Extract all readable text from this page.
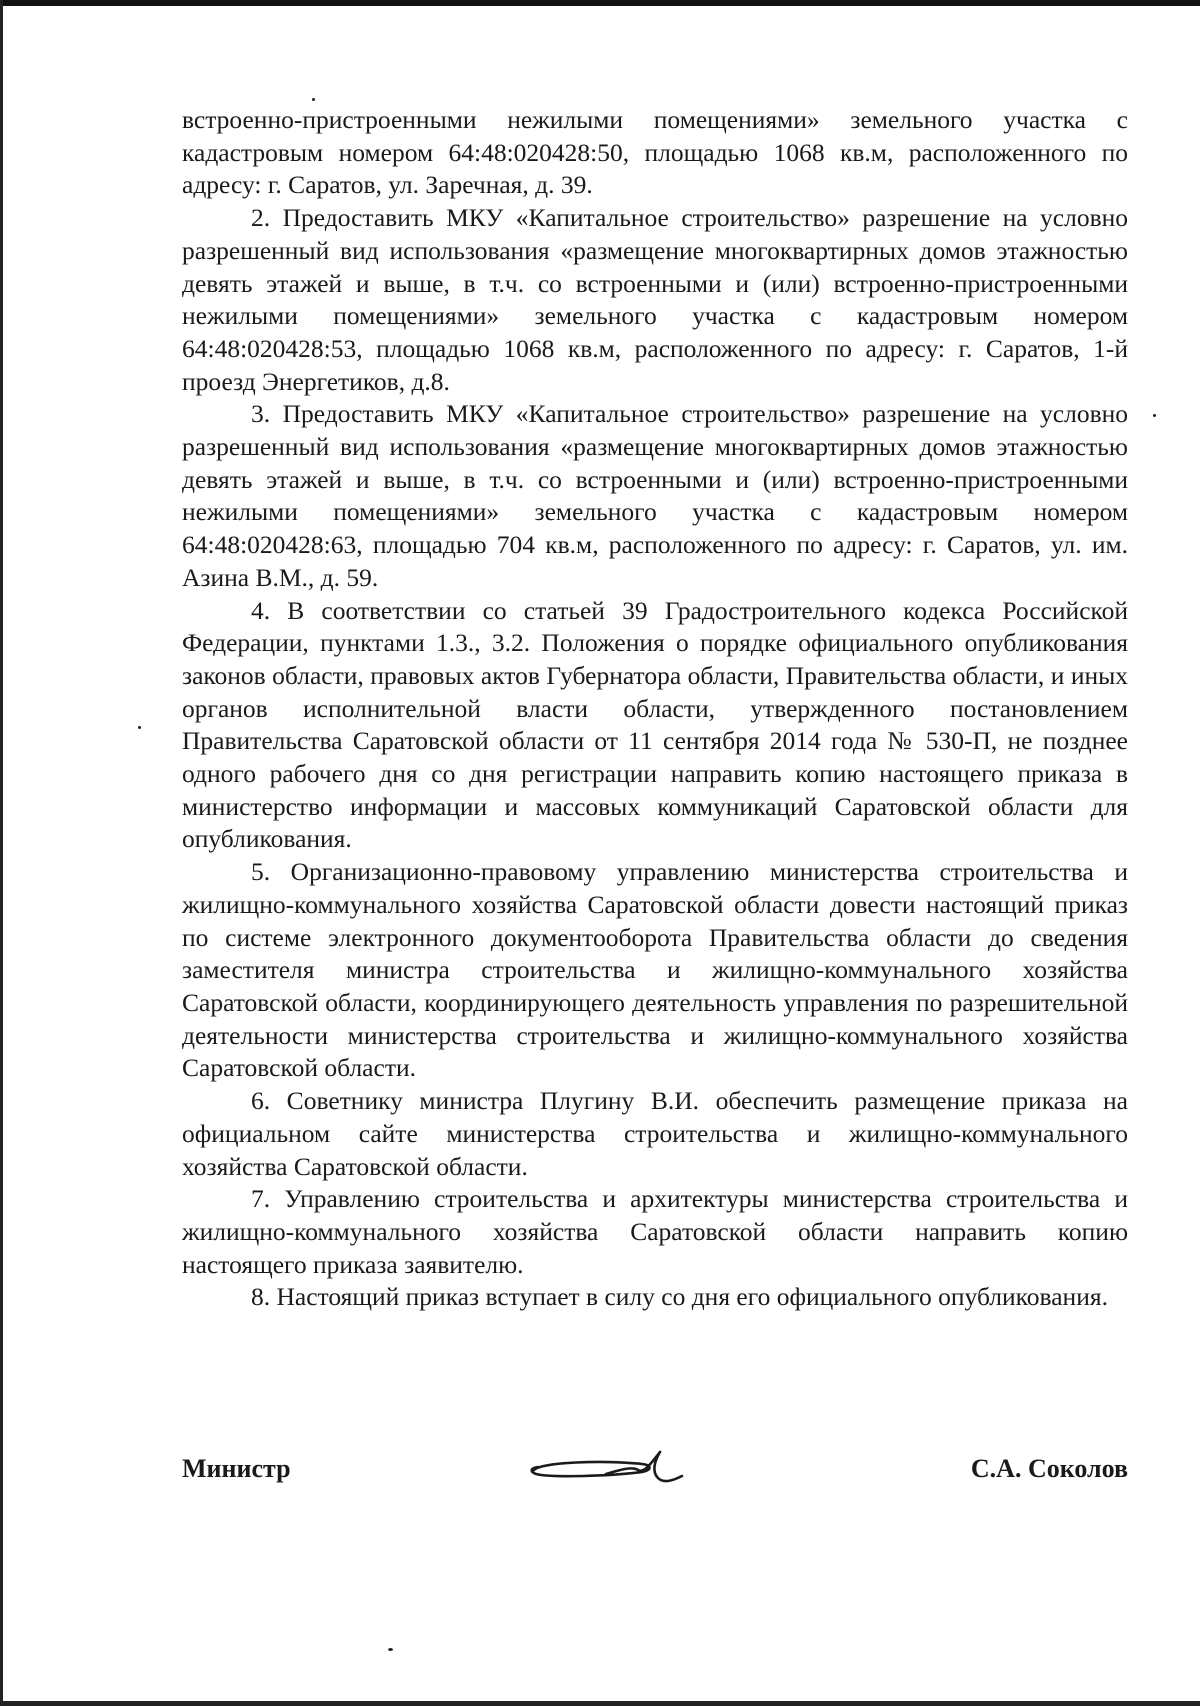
встроенно-пристроенными нежилыми помещениями» земельного участка с кадастровым номером 64:48:020428:50, площадью 1068 кв.м, расположенного по адресу: г. Саратов, ул. Заречная, д. 39.

2. Предоставить МКУ «Капитальное строительство» разрешение на условно разрешенный вид использования «размещение многоквартирных домов этажностью девять этажей и выше, в т.ч. со встроенными и (или) встроенно-пристроенными нежилыми помещениями» земельного участка с кадастровым номером 64:48:020428:53, площадью 1068 кв.м, расположенного по адресу: г. Саратов, 1-й проезд Энергетиков, д.8.

3. Предоставить МКУ «Капитальное строительство» разрешение на условно разрешенный вид использования «размещение многоквартирных домов этажностью девять этажей и выше, в т.ч. со встроенными и (или) встроенно-пристроенными нежилыми помещениями» земельного участка с кадастровым номером 64:48:020428:63, площадью 704 кв.м, расположенного по адресу: г. Саратов, ул. им. Азина В.М., д. 59.

4. В соответствии со статьей 39 Градостроительного кодекса Российской Федерации, пунктами 1.3., 3.2. Положения о порядке официального опубликования законов области, правовых актов Губернатора области, Правительства области, и иных органов исполнительной власти области, утвержденного постановлением Правительства Саратовской области от 11 сентября 2014 года № 530-П, не позднее одного рабочего дня со дня регистрации направить копию настоящего приказа в министерство информации и массовых коммуникаций Саратовской области для опубликования.

5. Организационно-правовому управлению министерства строительства и жилищно-коммунального хозяйства Саратовской области довести настоящий приказ по системе электронного документооборота Правительства области до сведения заместителя министра строительства и жилищно-коммунального хозяйства Саратовской области, координирующего деятельность управления по разрешительной деятельности министерства строительства и жилищно-коммунального хозяйства Саратовской области.

6. Советнику министра Плугину В.И. обеспечить размещение приказа на официальном сайте министерства строительства и жилищно-коммунального хозяйства Саратовской области.

7. Управлению строительства и архитектуры министерства строительства и жилищно-коммунального хозяйства Саратовской области направить копию настоящего приказа заявителю.

8. Настоящий приказ вступает в силу со дня его официального опубликования.

Министр	С.А. Соколов
